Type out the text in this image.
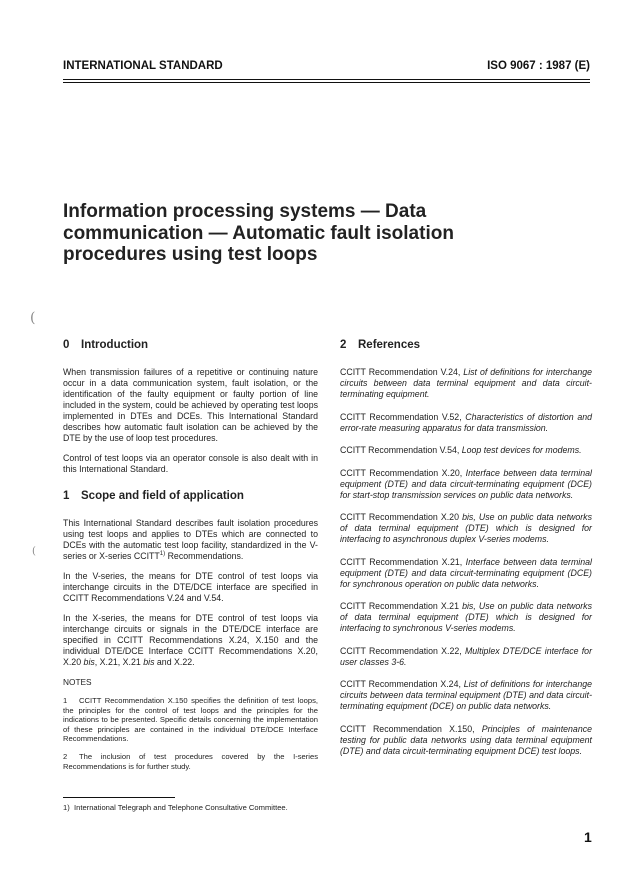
INTERNATIONAL STANDARD	ISO 9067 : 1987 (E)
Information processing systems — Data
communication — Automatic fault isolation
procedures using test loops
(
(
0 Introduction

When transmission failures of a repetitive or continuing nature occur in a data communication system, fault isolation, or the identification of the faulty equipment or faulty portion of line included in the system, could be achieved by operating test loops implemented in DTEs and DCEs. This International Standard describes how automatic fault isolation can be achieved by the DTE by the use of loop test procedures.

Control of test loops via an operator console is also dealt with in this International Standard.

1 Scope and field of application

This International Standard describes fault isolation procedures using test loops and applies to DTEs which are connected to DCEs with the automatic test loop facility, standardized in the V-series or X-series CCITT$^{1)}$ Recommendations.

In the V-series, the means for DTE control of test loops via interchange circuits in the DTE/DCE interface are specified in CCITT Recommendations V.24 and V.54.

In the X-series, the means for DTE control of test loops via interchange circuits or signals in the DTE/DCE interface are specified in CCITT Recommendations X.24, X.150 and the individual DTE/DCE Interface CCITT Recommendations X.20, X.20 bis, X.21, X.21 bis and X.22.

NOTES
1 CCITT Recommendation X.150 specifies the definition of test loops, the principles for the control of test loops and the principles for the indications to be presented. Specific details concerning the implementation of these principles are contained in the individual DTE/DCE Interface Recommendations.
2 The inclusion of test procedures covered by the I-series Recommendations is for further study.
2 References

CCITT Recommendation V.24, List of definitions for interchange circuits between data terminal equipment and data circuit-terminating equipment.

CCITT Recommendation V.52, Characteristics of distortion and error-rate measuring apparatus for data transmission.

CCITT Recommendation V.54, Loop test devices for modems.

CCITT Recommendation X.20, Interface between data terminal equipment (DTE) and data circuit-terminating equipment (DCE) for start-stop transmission services on public data networks.

CCITT Recommendation X.20 bis, Use on public data networks of data terminal equipment (DTE) which is designed for interfacing to asynchronous duplex V-series modems.

CCITT Recommendation X.21, Interface between data terminal equipment (DTE) and data circuit-terminating equipment (DCE) for synchronous operation on public data networks.

CCITT Recommendation X.21 bis, Use on public data networks of data terminal equipment (DTE) which is designed for interfacing to synchronous V-series modems.

CCITT Recommendation X.22, Multiplex DTE/DCE interface for user classes 3-6.

CCITT Recommendation X.24, List of definitions for interchange circuits between data terminal equipment (DTE) and data circuit-terminating equipment (DCE) on public data networks.

CCITT Recommendation X.150, Principles of maintenance testing for public data networks using data terminal equipment (DTE) and data circuit-terminating equipment DCE) test loops.

1) International Telegraph and Telephone Consultative Committee.
1
